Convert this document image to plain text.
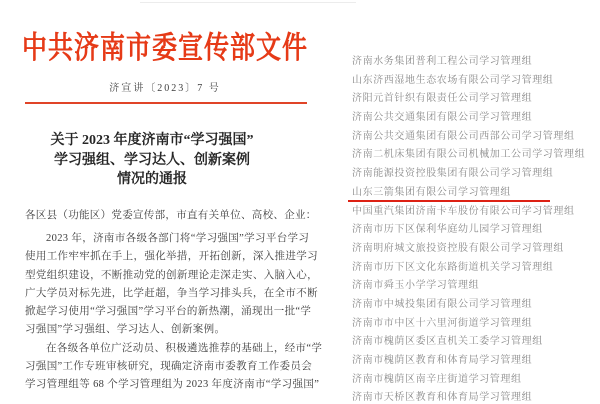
中共济南市委宣传部文件
济宣讲〔2023〕7 号
关于 2023 年度济南市“学习强国”
学习强组、学习达人、创新案例
情况的通报
各区县（功能区）党委宣传部，市直有关单位、高校、企业：
2023 年，济南市各级各部门将“学习强国”学习平台学习
使用工作牢牢抓在手上，强化举措，开拓创新，深入推进学习
型党组织建设，不断推动党的创新理论走深走实、入脑入心，
广大学员对标先进，比学赶超，争当学习排头兵，在全市不断
掀起学习使用“学习强国”学习平台的新热潮，涌现出一批“学
习强国”学习强组、学习达人、创新案例。
在各级各单位广泛动员、积极遴选推荐的基础上，经市“学
习强国”工作专班审核研究，现确定济南市委教育工作委员会
学习管理组等 68 个学习管理组为 2023 年度济南市“学习强国”
济南水务集团普利工程公司学习管理组
山东济西湿地生态农场有限公司学习管理组
济阳元首针织有限责任公司学习管理组
济南公共交通集团有限公司学习管理组
济南公共交通集团有限公司西部公司学习管理组
济南二机床集团有限公司机械加工公司学习管理组
济南能源投资控股集团有限公司学习管理组
山东三箭集团有限公司学习管理组
中国重汽集团济南卡车股份有限公司学习管理组
济南市历下区保利华庭幼儿园学习管理组
济南明府城文旅投资控股有限公司学习管理组
济南市历下区文化东路街道机关学习管理组
济南市舜玉小学学习管理组
济南市中城投集团有限公司学习管理组
济南市市中区十六里河街道学习管理组
济南市槐荫区委区直机关工委学习管理组
济南市槐荫区教育和体育局学习管理组
济南市槐荫区南辛庄街道学习管理组
济南市天桥区教育和体育局学习管理组
